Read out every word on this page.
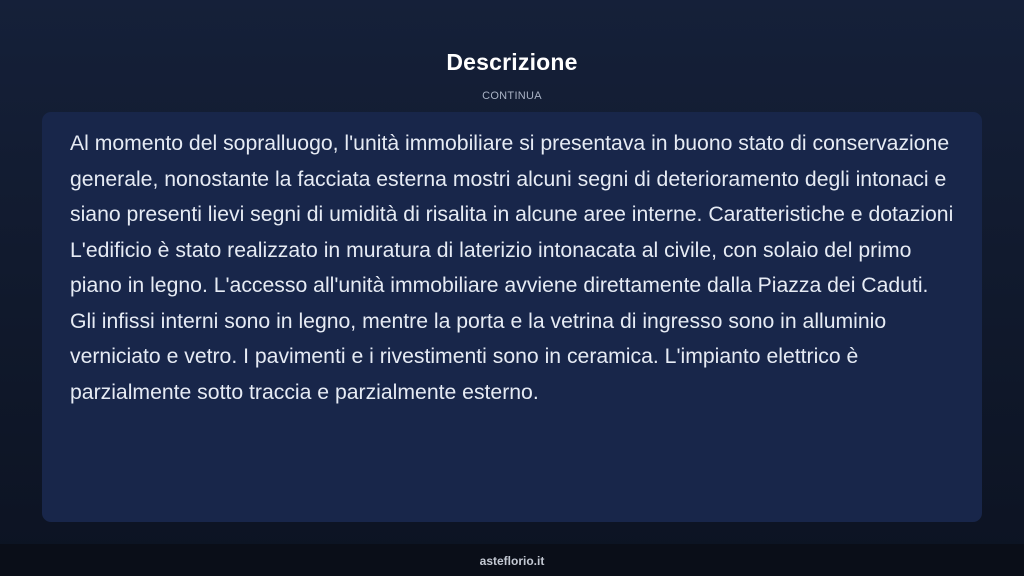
Descrizione
CONTINUA

Al momento del sopralluogo, l'unità immobiliare si presentava in buono stato di conservazione generale, nonostante la facciata esterna mostri alcuni segni di deterioramento degli intonaci e siano presenti lievi segni di umidità di risalita in alcune aree interne. Caratteristiche e dotazioni L'edificio è stato realizzato in muratura di laterizio intonacata al civile, con solaio del primo piano in legno. L'accesso all'unità immobiliare avviene direttamente dalla Piazza dei Caduti. Gli infissi interni sono in legno, mentre la porta e la vetrina di ingresso sono in alluminio verniciato e vetro. I pavimenti e i rivestimenti sono in ceramica. L'impianto elettrico è parzialmente sotto traccia e parzialmente esterno.

asteflorio.it
